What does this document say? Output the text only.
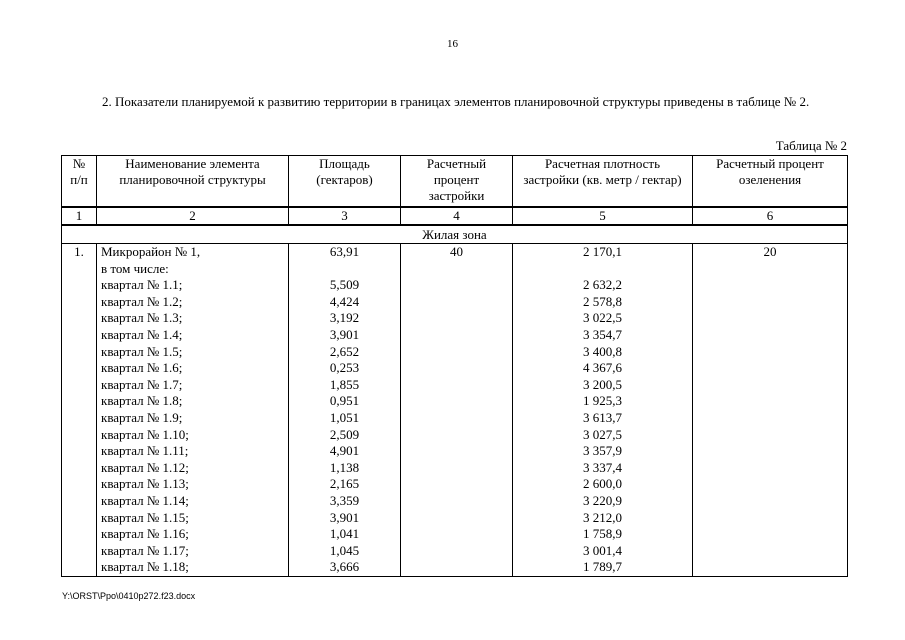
16

2. Показатели планируемой к развитию территории в границах элементов планировочной структуры приведены в таблице № 2.

Таблица № 2
№ п/п	Наименование элемента планировочной структуры	Площадь (гектаров)	Расчетный процент застройки	Расчетная плотность застройки (кв. метр / гектар)	Расчетный процент озеленения
1	2	3	4	5	6
Жилая зона					
1.	Микрорайон № 1,	63,91	40	2 170,1	20
	в том числе:				
	квартал № 1.1;	5,509		2 632,2	
	квартал № 1.2;	4,424		2 578,8	
	квартал № 1.3;	3,192		3 022,5	
	квартал № 1.4;	3,901		3 354,7	
	квартал № 1.5;	2,652		3 400,8	
	квартал № 1.6;	0,253		4 367,6	
	квартал № 1.7;	1,855		3 200,5	
	квартал № 1.8;	0,951		1 925,3	
	квартал № 1.9;	1,051		3 613,7	
	квартал № 1.10;	2,509		3 027,5	
	квартал № 1.11;	4,901		3 357,9	
	квартал № 1.12;	1,138		3 337,4	
	квартал № 1.13;	2,165		2 600,0	
	квартал № 1.14;	3,359		3 220,9	
	квартал № 1.15;	3,901		3 212,0	
	квартал № 1.16;	1,041		1 758,9	
	квартал № 1.17;	1,045		3 001,4	
	квартал № 1.18;	3,666		1 789,7	
Y:\ORST\Ppo\0410p272.f23.docx
